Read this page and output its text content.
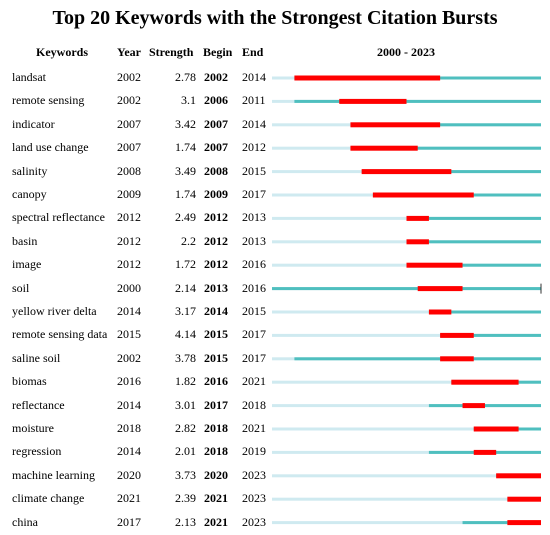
Top 20 Keywords with the Strongest Citation Bursts
Keywords Year Strength Begin End	2000 - 2023
landsat	2002	2.78 2002 2014
remote sensing	2002	3.1 2006 2011
indicator	2007	3.42 2007 2014
land use change 2007	1.74 2007 2012
salinity	2008	3.49 2008 2015
canopy	2009	1.74 2009 2017
spectral reflectance 2012	2.49 2012 2013
basin	2012	2.2 2012 2013
image	2012	1.72 2012 2016
soil	2000	2.14 2013 2016
yellow river delta 2014	3.17 2014 2015
remote sensing data 2015	4.14 2015 2017
saline soil	2002	3.78 2015 2017
biomas	2016	1.82 2016 2021
reflectance	2014	3.01 2017 2018
moisture	2018	2.82 2018 2021
regression	2014	2.01 2018 2019
machine learning 2020	3.73 2020 2023
climate change	2021	2.39 2021 2023
china	2017	2.13 2021 2023
